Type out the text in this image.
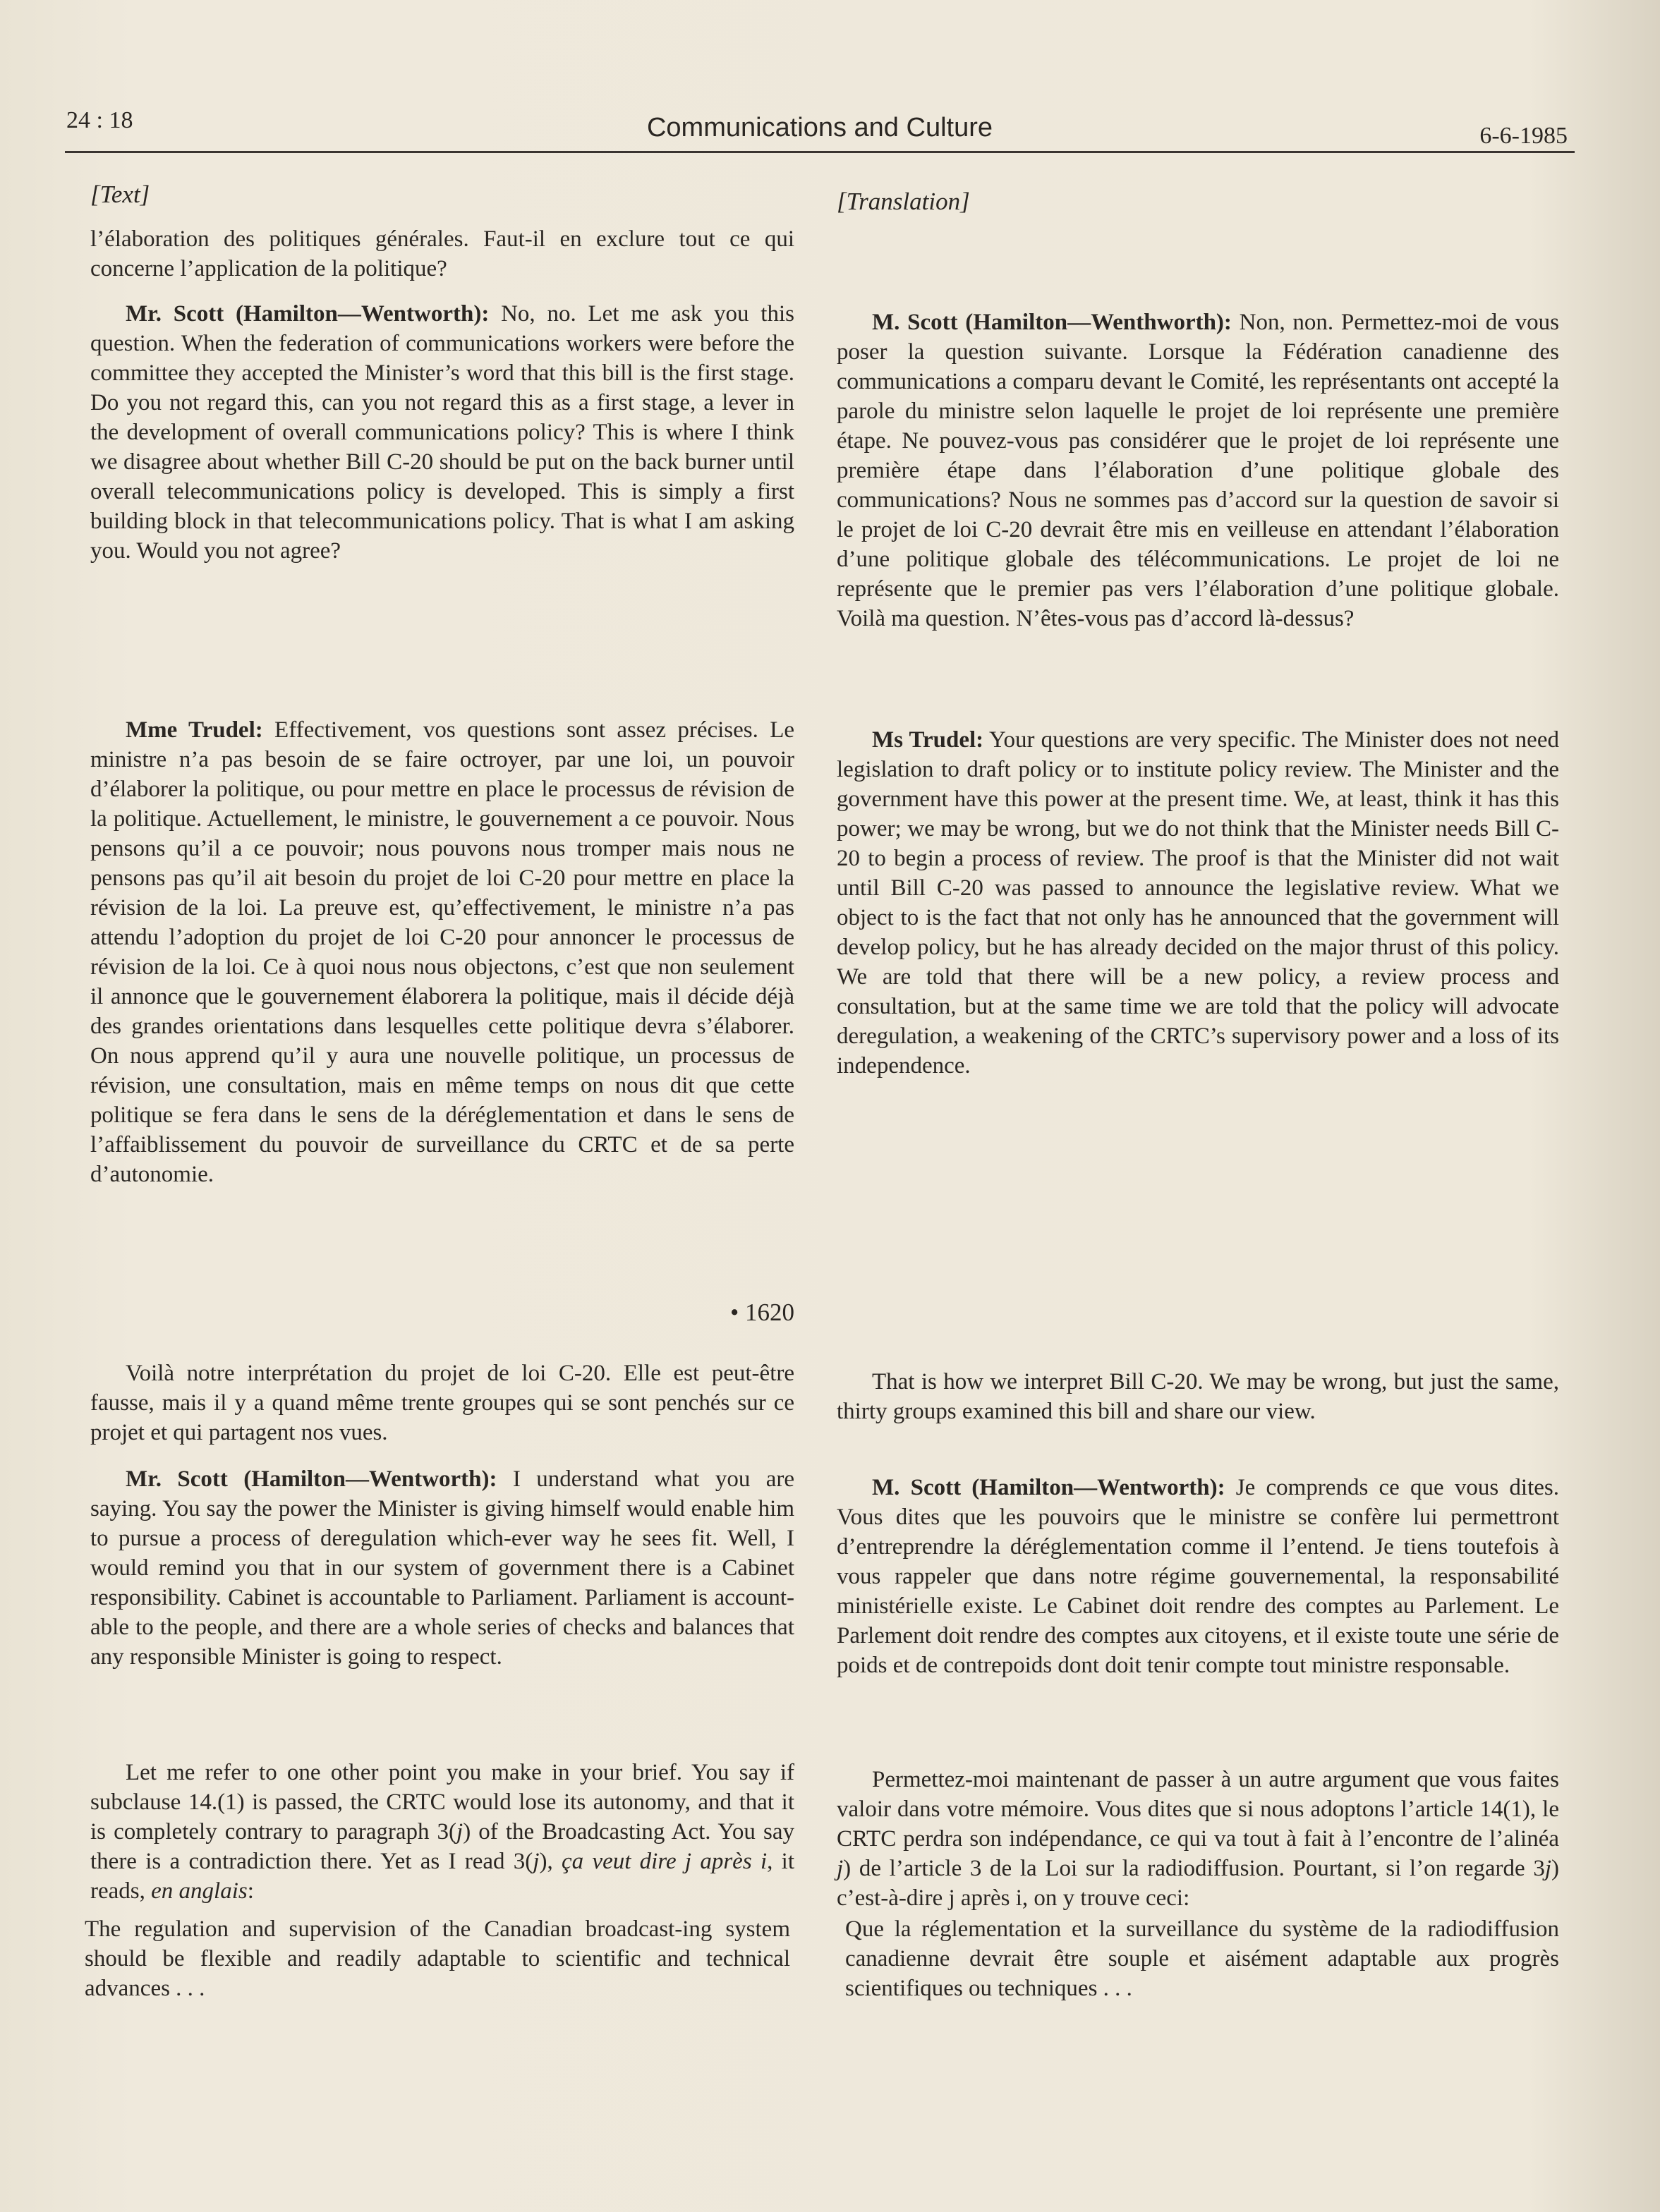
24 : 18	Communications and Culture	6-6-1985

[Text]

l’élaboration des politiques générales. Faut-il en exclure tout ce qui concerne l’application de la politique?

Mr. Scott (Hamilton—Wentworth): No, no. Let me ask you this question. When the federation of communications workers were before the committee they accepted the Minister’s word that this bill is the first stage. Do you not regard this, can you not regard this as a first stage, a lever in the development of overall communications policy? This is where I think we disagree about whether Bill C-20 should be put on the back burner until overall telecommunications policy is developed. This is simply a first building block in that telecommunications policy. That is what I am asking you. Would you not agree?

Mme Trudel: Effectivement, vos questions sont assez précises. Le ministre n’a pas besoin de se faire octroyer, par une loi, un pouvoir d’élaborer la politique, ou pour mettre en place le processus de révision de la politique. Actuellement, le ministre, le gouvernement a ce pouvoir. Nous pensons qu’il a ce pouvoir; nous pouvons nous tromper mais nous ne pensons pas qu’il ait besoin du projet de loi C-20 pour mettre en place la révision de la loi. La preuve est, qu’effectivement, le ministre n’a pas attendu l’adoption du projet de loi C-20 pour annoncer le processus de révision de la loi. Ce à quoi nous nous objectons, c’est que non seulement il annonce que le gouvernement élaborera la politique, mais il décide déjà des grandes orientations dans lesquelles cette politique devra s’élaborer. On nous apprend qu’il y aura une nouvelle politique, un processus de révision, une consultation, mais en même temps on nous dit que cette politique se fera dans le sens de la déréglementation et dans le sens de l’affaiblissement du pouvoir de surveillance du CRTC et de sa perte d’autonomie.

• 1620

Voilà notre interprétation du projet de loi C-20. Elle est peut-être fausse, mais il y a quand même trente groupes qui se sont penchés sur ce projet et qui partagent nos vues.

Mr. Scott (Hamilton—Wentworth): I understand what you are saying. You say the power the Minister is giving himself would enable him to pursue a process of deregulation which-ever way he sees fit. Well, I would remind you that in our system of government there is a Cabinet responsibility. Cabinet is accountable to Parliament. Parliament is account-able to the people, and there are a whole series of checks and balances that any responsible Minister is going to respect.

Let me refer to one other point you make in your brief. You say if subclause 14.(1) is passed, the CRTC would lose its autonomy, and that it is completely contrary to paragraph 3(j) of the Broadcasting Act. You say there is a contradiction there. Yet as I read 3(j), ça veut dire j après i, it reads, en anglais:

The regulation and supervision of the Canadian broadcast-ing system should be flexible and readily adaptable to scientific and technical advances . . .

[Translation]

M. Scott (Hamilton—Wenthworth): Non, non. Permettez-moi de vous poser la question suivante. Lorsque la Fédération canadienne des communications a comparu devant le Comité, les représentants ont accepté la parole du ministre selon laquelle le projet de loi représente une première étape. Ne pouvez-vous pas considérer que le projet de loi représente une première étape dans l’élaboration d’une politique globale des communications? Nous ne sommes pas d’accord sur la question de savoir si le projet de loi C-20 devrait être mis en veilleuse en attendant l’élaboration d’une politique globale des télécommunications. Le projet de loi ne représente que le premier pas vers l’élaboration d’une politique globale. Voilà ma question. N’êtes-vous pas d’accord là-dessus?

Ms Trudel: Your questions are very specific. The Minister does not need legislation to draft policy or to institute policy review. The Minister and the government have this power at the present time. We, at least, think it has this power; we may be wrong, but we do not think that the Minister needs Bill C-20 to begin a process of review. The proof is that the Minister did not wait until Bill C-20 was passed to announce the legislative review. What we object to is the fact that not only has he announced that the government will develop policy, but he has already decided on the major thrust of this policy. We are told that there will be a new policy, a review process and consultation, but at the same time we are told that the policy will advocate deregulation, a weakening of the CRTC’s supervisory power and a loss of its independence.

That is how we interpret Bill C-20. We may be wrong, but just the same, thirty groups examined this bill and share our view.

M. Scott (Hamilton—Wentworth): Je comprends ce que vous dites. Vous dites que les pouvoirs que le ministre se confère lui permettront d’entreprendre la déréglementation comme il l’entend. Je tiens toutefois à vous rappeler que dans notre régime gouvernemental, la responsabilité ministérielle existe. Le Cabinet doit rendre des comptes au Parlement. Le Parlement doit rendre des comptes aux citoyens, et il existe toute une série de poids et de contrepoids dont doit tenir compte tout ministre responsable.

Permettez-moi maintenant de passer à un autre argument que vous faites valoir dans votre mémoire. Vous dites que si nous adoptons l’article 14(1), le CRTC perdra son indépendance, ce qui va tout à fait à l’encontre de l’alinéa j) de l’article 3 de la Loi sur la radiodiffusion. Pourtant, si l’on regarde 3j) c’est-à-dire j après i, on y trouve ceci:

Que la réglementation et la surveillance du système de la radiodiffusion canadienne devrait être souple et aisément adaptable aux progrès scientifiques ou techniques . . .
